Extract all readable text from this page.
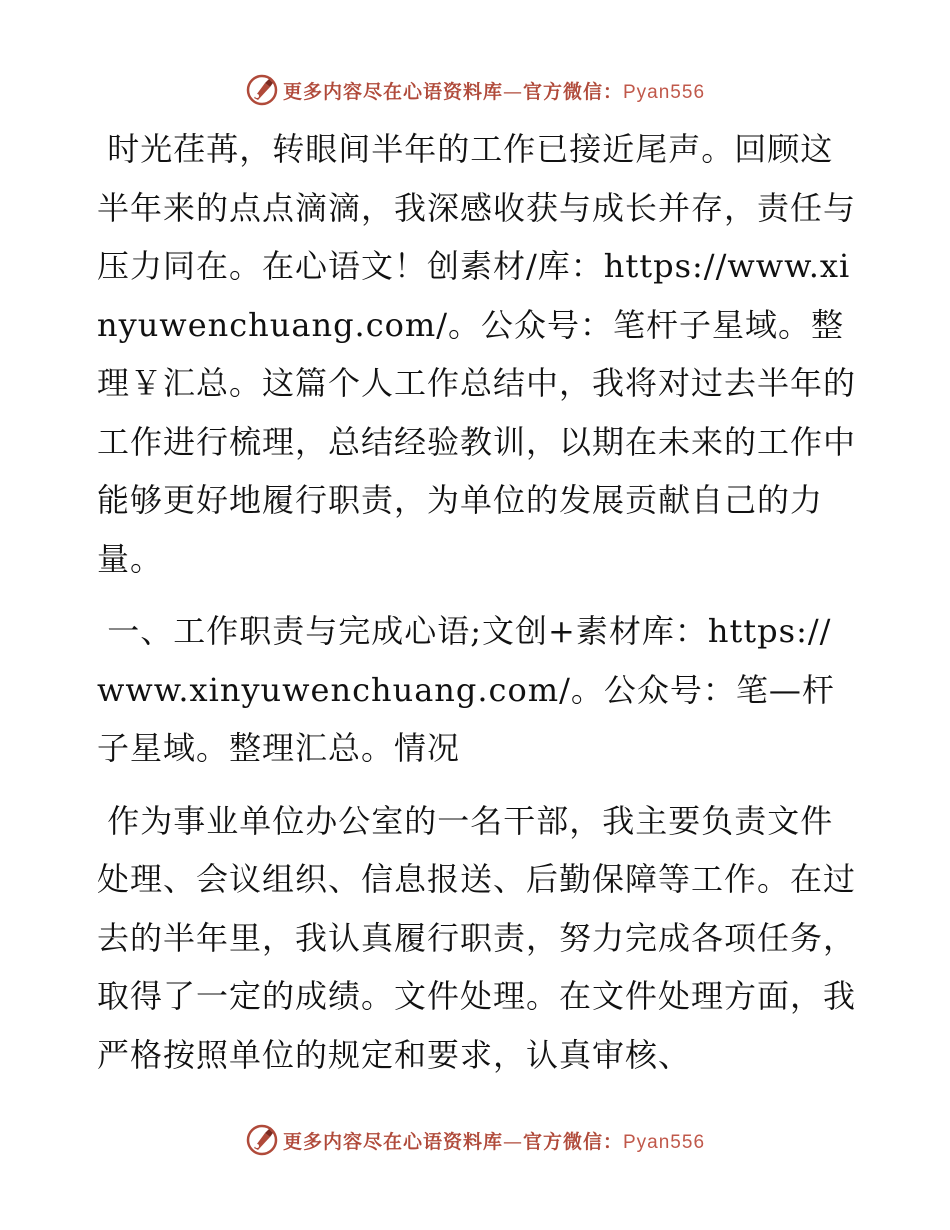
更多内容尽在心语资料库—官方微信：Pyan556

时光荏苒，转眼间半年的工作已接近尾声。回顾这半年来的点点滴滴，我深感收获与成长并存，责任与压力同在。在心语文！创素材/库：https://www.xinyuwenchuang.com/。公众号：笔杆子星域。整理￥汇总。这篇个人工作总结中，我将对过去半年的工作进行梳理，总结经验教训，以期在未来的工作中能够更好地履行职责，为单位的发展贡献自己的力量。

一、工作职责与完成心语;文创+素材库：https://www.xinyuwenchuang.com/。公众号：笔—杆子星域。整理汇总。情况

作为事业单位办公室的一名干部，我主要负责文件处理、会议组织、信息报送、后勤保障等工作。在过去的半年里，我认真履行职责，努力完成各项任务，取得了一定的成绩。文件处理。在文件处理方面，我严格按照单位的规定和要求，认真审核、

更多内容尽在心语资料库—官方微信：Pyan556
